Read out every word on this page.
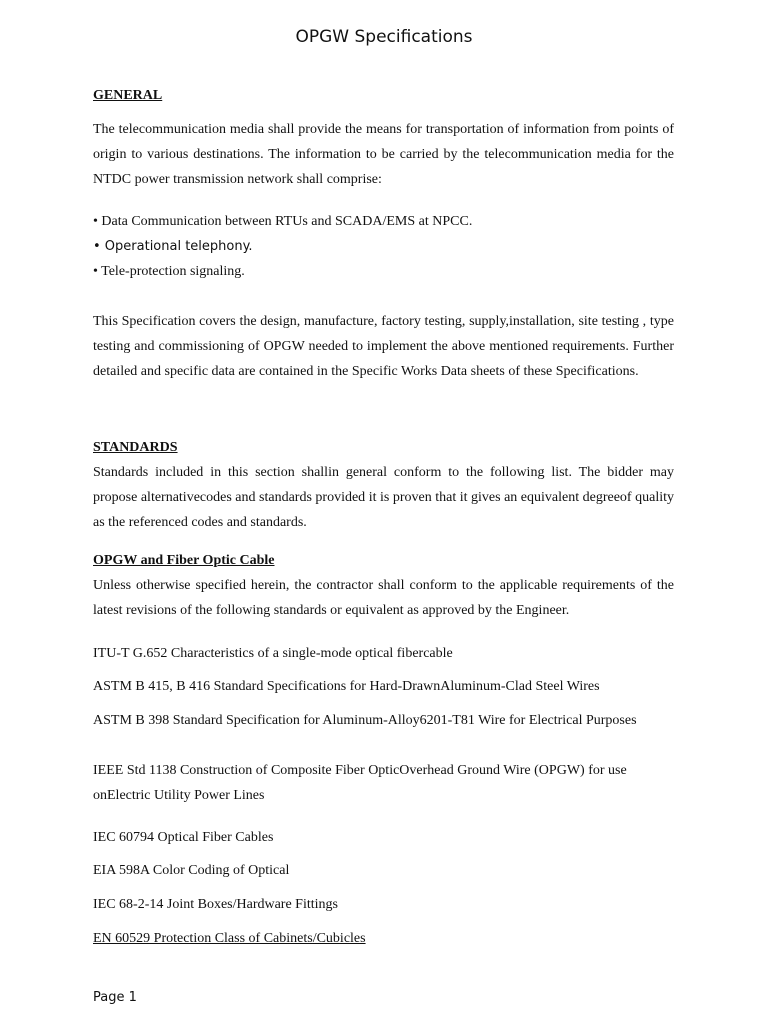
OPGW Specifications
GENERAL

The telecommunication media shall provide the means for transportation of information from points of origin to various destinations. The information to be carried by the telecommunication media for the NTDC power transmission network shall comprise:

• Data Communication between RTUs and SCADA/EMS at NPCC.
• Operational telephony.
• Tele-protection signaling.

This Specification covers the design, manufacture, factory testing, supply,installation, site testing , type testing and commissioning of OPGW needed to implement the above mentioned requirements. Further detailed and specific data are contained in the Specific Works Data sheets of these Specifications.

STANDARDS

Standards included in this section shallin general conform to the following list. The bidder may propose alternativecodes and standards provided it is proven that it gives an equivalent degreeof quality as the referenced codes and standards.

OPGW and Fiber Optic Cable

Unless otherwise specified herein, the contractor shall conform to the applicable requirements of the latest revisions of the following standards or equivalent as approved by the Engineer.

ITU-T G.652 Characteristics of a single-mode optical fibercable

ASTM B 415, B 416 Standard Specifications for Hard-DrawnAluminum-Clad Steel Wires

ASTM B 398 Standard Specification for Aluminum-Alloy6201-T81 Wire for Electrical Purposes

IEEE Std 1138 Construction of Composite Fiber OpticOverhead Ground Wire (OPGW) for use onElectric Utility Power Lines

IEC 60794 Optical Fiber Cables

EIA 598A Color Coding of Optical

IEC 68-2-14 Joint Boxes/Hardware Fittings

EN 60529 Protection Class of Cabinets/Cubicles

Page 1
